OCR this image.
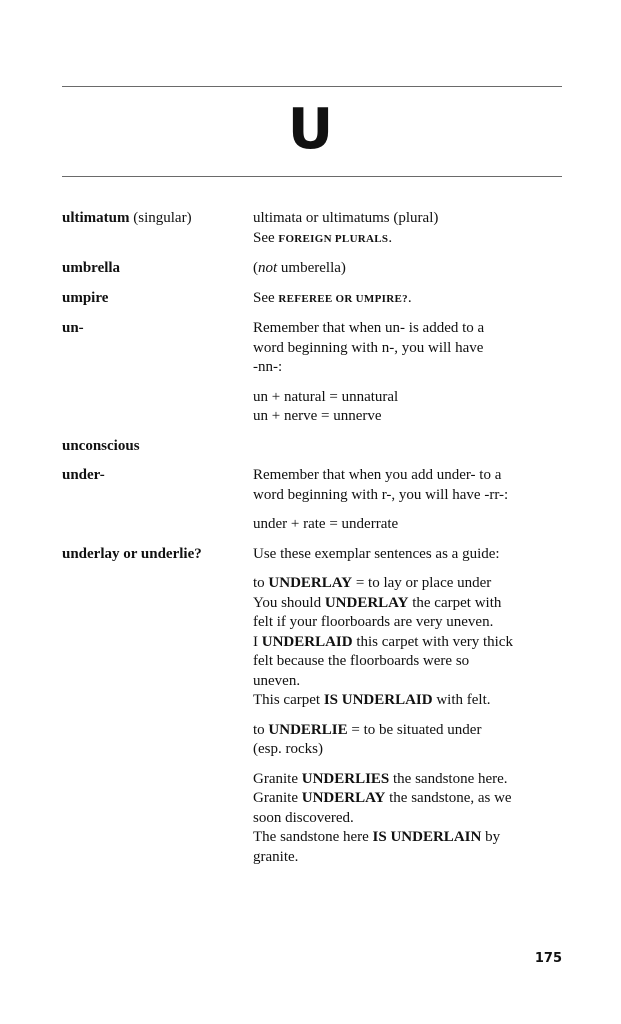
U
ultimatum (singular)	ultimata or ultimatums (plural)
See FOREIGN PLURALS.
umbrella	(not umberella)
umpire	See REFEREE OR UMPIRE?.
un-	Remember that when un- is added to a
word beginning with n-, you will have
-nn-:
un + natural = unnatural
un + nerve = unnerve
unconscious
under-	Remember that when you add under- to a
word beginning with r-, you will have -rr-:
under + rate = underrate
underlay or underlie?	Use these exemplar sentences as a guide:
to UNDERLAY = to lay or place under
You should UNDERLAY the carpet with
felt if your floorboards are very uneven.
I UNDERLAID this carpet with very thick
felt because the floorboards were so
uneven.
This carpet IS UNDERLAID with felt.
to UNDERLIE = to be situated under
(esp. rocks)
Granite UNDERLIES the sandstone here.
Granite UNDERLAY the sandstone, as we
soon discovered.
The sandstone here IS UNDERLAIN by
granite.
175
